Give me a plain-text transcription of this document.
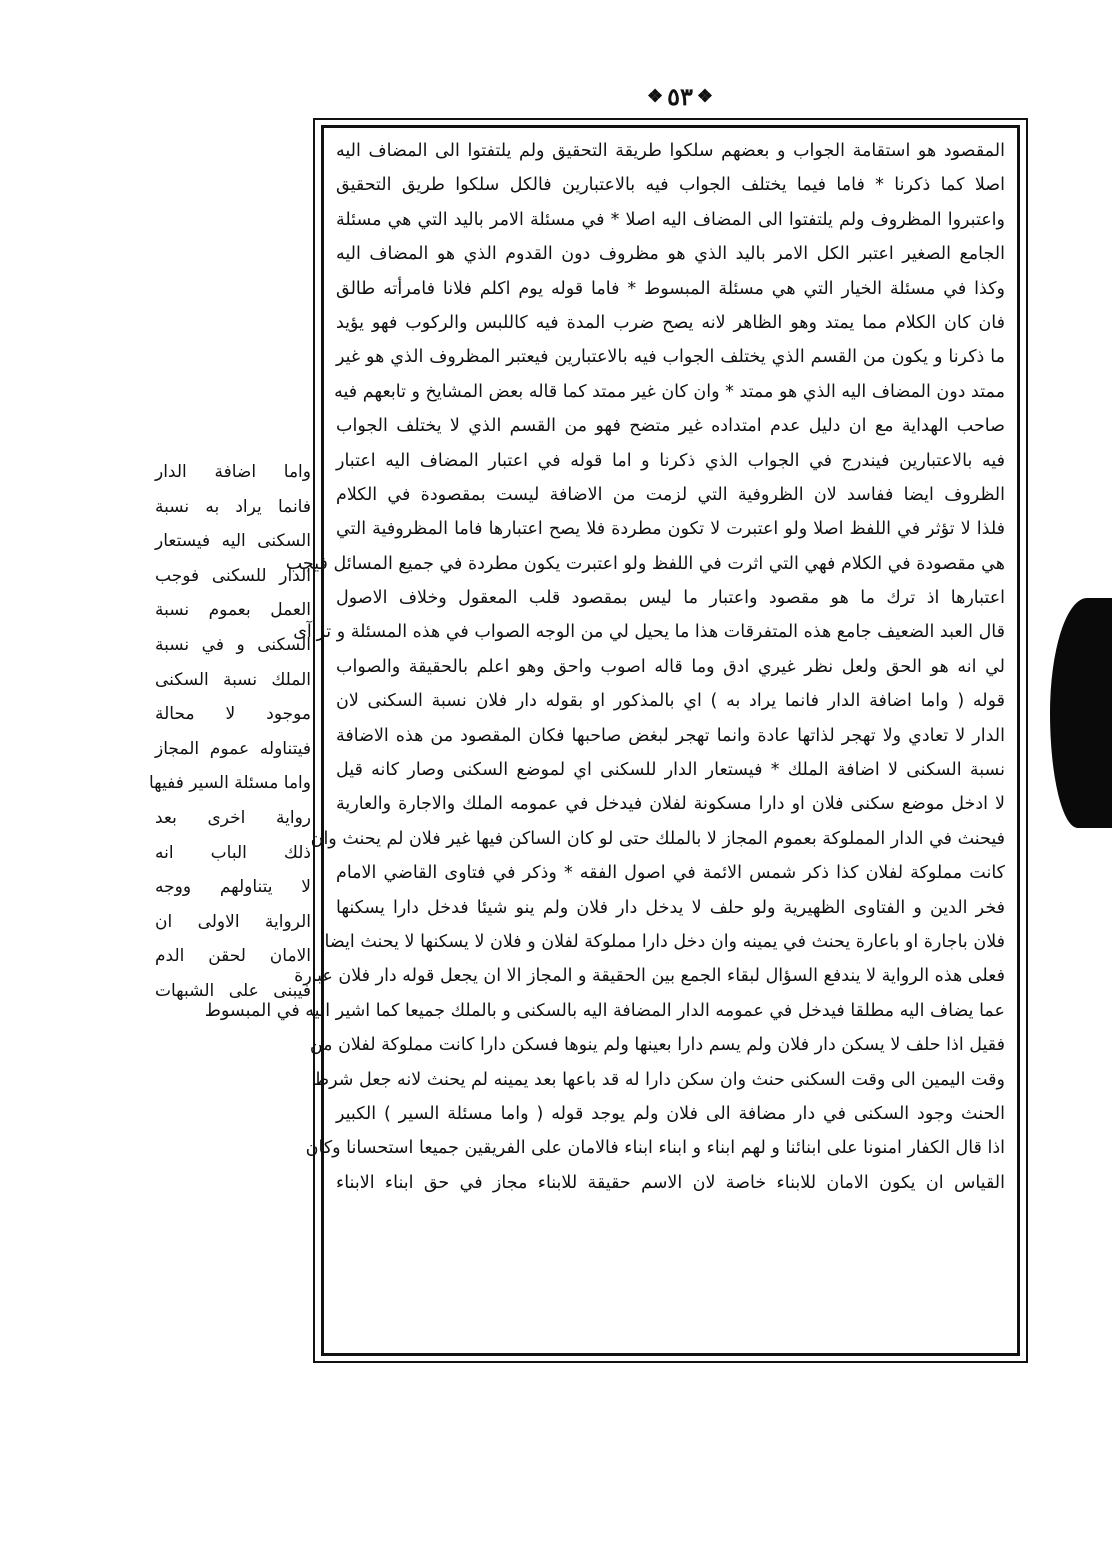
❖
٥٣
❖
المقصود هو استقامة الجواب و بعضهم سلكوا طريقة التحقيق ولم يلتفتوا الى المضاف اليه
اصلا كما ذكرنا * فاما فيما يختلف الجواب فيه بالاعتبارين فالكل سلكوا طريق التحقيق
واعتبروا المظروف ولم يلتفتوا الى المضاف اليه اصلا * في مسئلة الامر باليد التي هي مسئلة
الجامع الصغير اعتبر الكل الامر باليد الذي هو مظروف دون القدوم الذي هو المضاف اليه
وكذا في مسئلة الخيار التي هي مسئلة المبسوط * فاما قوله يوم اكلم فلانا فامرأته طالق
فان كان الكلام مما يمتد وهو الظاهر لانه يصح ضرب المدة فيه كاللبس والركوب فهو يؤيد
ما ذكرنا و يكون من القسم الذي يختلف الجواب فيه بالاعتبارين فيعتبر المظروف الذي هو غير
ممتد دون المضاف اليه الذي هو ممتد * وان كان غير ممتد كما قاله بعض المشايخ و تابعهم فيه
صاحب الهداية مع ان دليل عدم امتداده غير متضح فهو من القسم الذي لا يختلف الجواب
فيه بالاعتبارين فيندرج في الجواب الذي ذكرنا و اما قوله في اعتبار المضاف اليه اعتبار
الظروف ايضا ففاسد لان الظروفية التي لزمت من الاضافة ليست بمقصودة في الكلام
فلذا لا تؤثر في اللفظ اصلا ولو اعتبرت لا تكون مطردة فلا يصح اعتبارها فاما المظروفية التي
هي مقصودة في الكلام فهي التي اثرت في اللفظ ولو اعتبرت يكون مطردة في جميع المسائل فيجب
اعتبارها اذ ترك ما هو مقصود واعتبار ما ليس بمقصود قلب المعقول وخلاف الاصول
قال العبد الضعيف جامع هذه المتفرقات هذا ما يحيل لي من الوجه الصواب في هذه المسئلة و تراآى
لي انه هو الحق ولعل نظر غيري ادق وما قاله اصوب واحق وهو اعلم بالحقيقة والصواب
قوله ( واما اضافة الدار فانما يراد به ) اي بالمذكور او بقوله دار فلان نسبة السكنى لان
الدار لا تعادي ولا تهجر لذاتها عادة وانما تهجر لبغض صاحبها فكان المقصود من هذه الاضافة
نسبة السكنى لا اضافة الملك * فيستعار الدار للسكنى اي لموضع السكنى وصار كانه قيل
لا ادخل موضع سكنى فلان او دارا مسكونة لفلان فيدخل في عمومه الملك والاجارة والعارية
فيحنث في الدار المملوكة بعموم المجاز لا بالملك حتى لو كان الساكن فيها غير فلان لم يحنث وان
كانت مملوكة لفلان كذا ذكر شمس الائمة في اصول الفقه * وذكر في فتاوى القاضي الامام
فخر الدين و الفتاوى الظهيرية ولو حلف لا يدخل دار فلان ولم ينو شيئا فدخل دارا يسكنها
فلان باجارة او باعارة يحنث في يمينه وان دخل دارا مملوكة لفلان و فلان لا يسكنها لا يحنث ايضا
فعلى هذه الرواية لا يندفع السؤال لبقاء الجمع بين الحقيقة و المجاز الا ان يجعل قوله دار فلان عبارة
عما يضاف اليه مطلقا فيدخل في عمومه الدار المضافة اليه بالسكنى و بالملك جميعا كما اشير اليه في المبسوط
فقيل اذا حلف لا يسكن دار فلان ولم يسم دارا بعينها ولم ينوها فسكن دارا كانت مملوكة لفلان من
وقت اليمين الى وقت السكنى حنث وان سكن دارا له قد باعها بعد يمينه لم يحنث لانه جعل شرط
الحنث وجود السكنى في دار مضافة الى فلان ولم يوجد قوله ( واما مسئلة السير ) الكبير
اذا قال الكفار امنونا على ابنائنا و لهم ابناء و ابناء ابناء فالامان على الفريقين جميعا استحسانا وكان
القياس ان يكون الامان للابناء خاصة لان الاسم حقيقة للابناء مجاز في حق ابناء الابناء
واما اضافة الدار
فانما يراد به نسبة
السكنى اليه فيستعار
الدار للسكنى فوجب
العمل بعموم نسبة
السكنى و في نسبة
الملك نسبة السكنى
موجود لا محالة
فيتناوله عموم المجاز
واما مسئلة السير ففيها
رواية اخرى بعد
ذلك الباب انه
لا يتناولهم ووجه
الرواية الاولى ان
الامان لحقن الدم
فيبنى على الشبهات
